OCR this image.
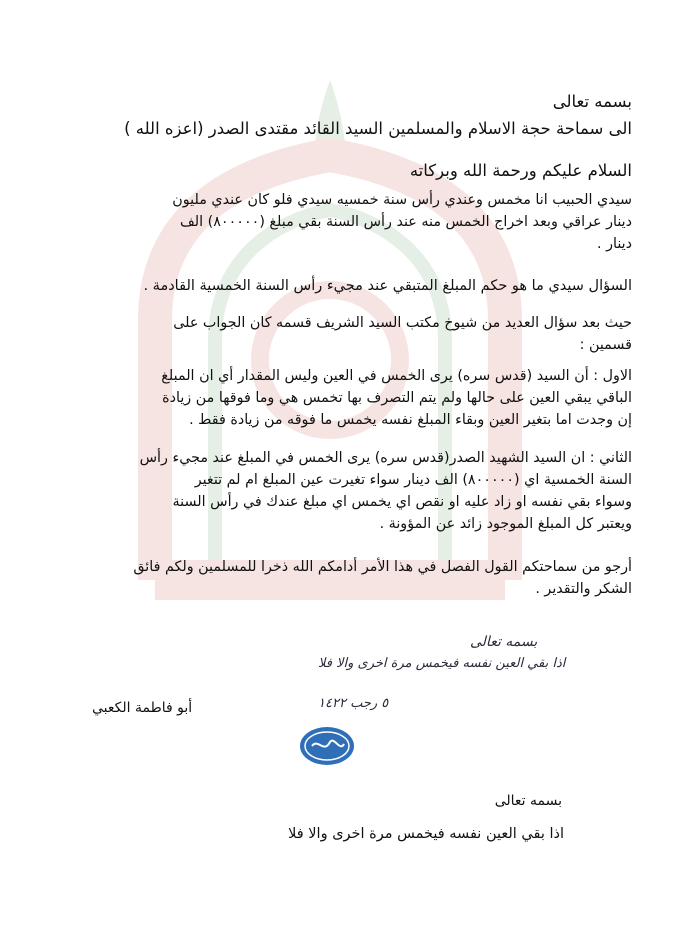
بسمه تعالى
الى سماحة حجة الاسلام والمسلمين السيد القائد مقتدى الصدر (اعزه الله )
السلام عليكم ورحمة الله وبركاته
سيدي الحبيب انا مخمس وعندي رأس سنة خمسيه سيدي فلو كان عندي مليون
دينار عراقي وبعد اخراج الخمس منه عند رأس السنة بقي مبلغ (٨٠٠٠٠٠) الف
دينار .
السؤال سيدي ما هو حكم المبلغ المتبقي عند مجيء رأس السنة الخمسية القادمة .
حيث بعد سؤال العديد من شيوخ مكتب السيد الشريف قسمه كان الجواب على
قسمين :
الاول : أن السيد (قدس سره) يرى الخمس في العين وليس المقدار أي ان المبلغ
الباقي يبقي العين على حالها ولم يتم التصرف بها تخمس هي وما فوقها من زيادة
إن وجدت اما بتغير العين وبقاء المبلغ نفسه يخمس ما فوقه من زيادة فقط .
الثاني : ان السيد الشهيد الصدر(قدس سره) يرى الخمس في المبلغ عند مجيء رأس
السنة الخمسية اي (٨٠٠٠٠٠) الف دينار سواء تغيرت عين المبلغ ام لم تتغير
وسواء بقي نفسه او زاد عليه او نقص اي يخمس اي مبلغ عندك في رأس السنة
ويعتبر كل المبلغ الموجود زائد عن المؤونة .
أرجو من سماحتكم القول الفصل في هذا الأمر أدامكم الله ذخرا للمسلمين ولكم فائق
الشكر والتقدير .
بسمه تعالى
اذا بقي العين نفسه فيخمس مرة اخرى والا فلا
٥ رجب ١٤٢٢
أبو فاطمة الكعبي
بسمه تعالى
اذا بقي العين نفسه فيخمس مرة اخرى والا فلا
